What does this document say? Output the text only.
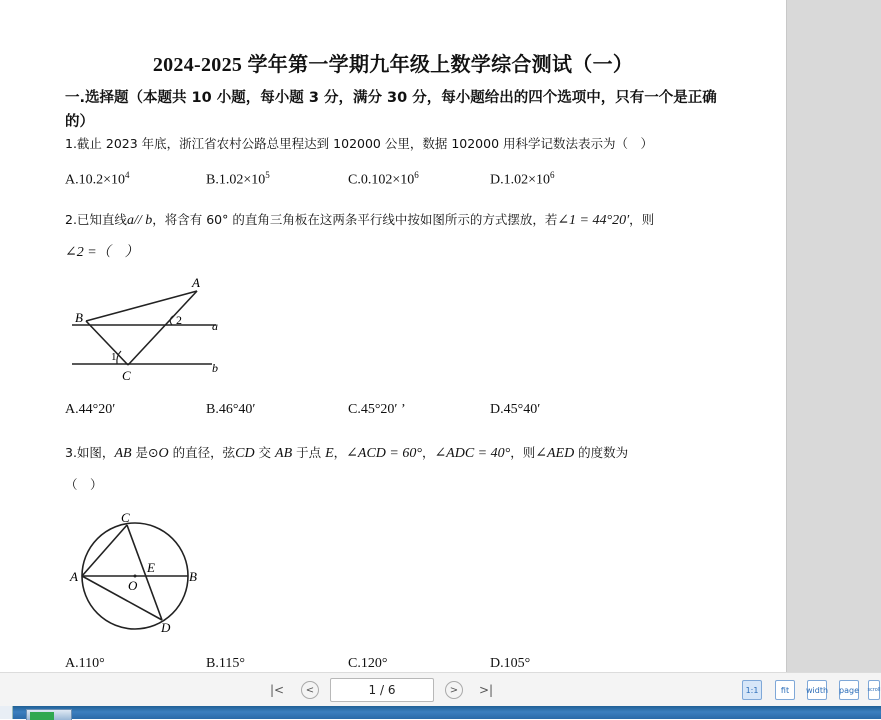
2024-2025 学年第一学期九年级上数学综合测试（一）
一.选择题（本题共 10 小题，每小题 3 分，满分 30 分，每小题给出的四个选项中，只有一个是正确的）
1.截止 2023 年底，浙江省农村公路总里程达到 102000 公里，数据 102000 用科学记数法表示为（　）
$A.10.2\times 10^4$	$B.1.02\times 10^5$	$C.0.102\times 10^6$	$D.1.02\times 10^6$
2.已知直线a// b，将含有 60° 的直角三角板在这两条平行线中按如图所示的方式摆放，若∠1 = 44°20′，则
∠2 =（　）
A
B
C
a
b
1
2
A.44°20′	B.46°40′	C.45°20′ ’	D.45°40′
3.如图，AB 是⊙O 的直径，弦CD 交 AB 于点 E，∠ACD = 60°，∠ADC = 40°，则∠AED 的度数为
（　）
C
A	B
D
E
O
A.110°	B.115°	C.120°	D.105°
|<	<	1 / 6	>	>|	1:1	fit width page scroll
